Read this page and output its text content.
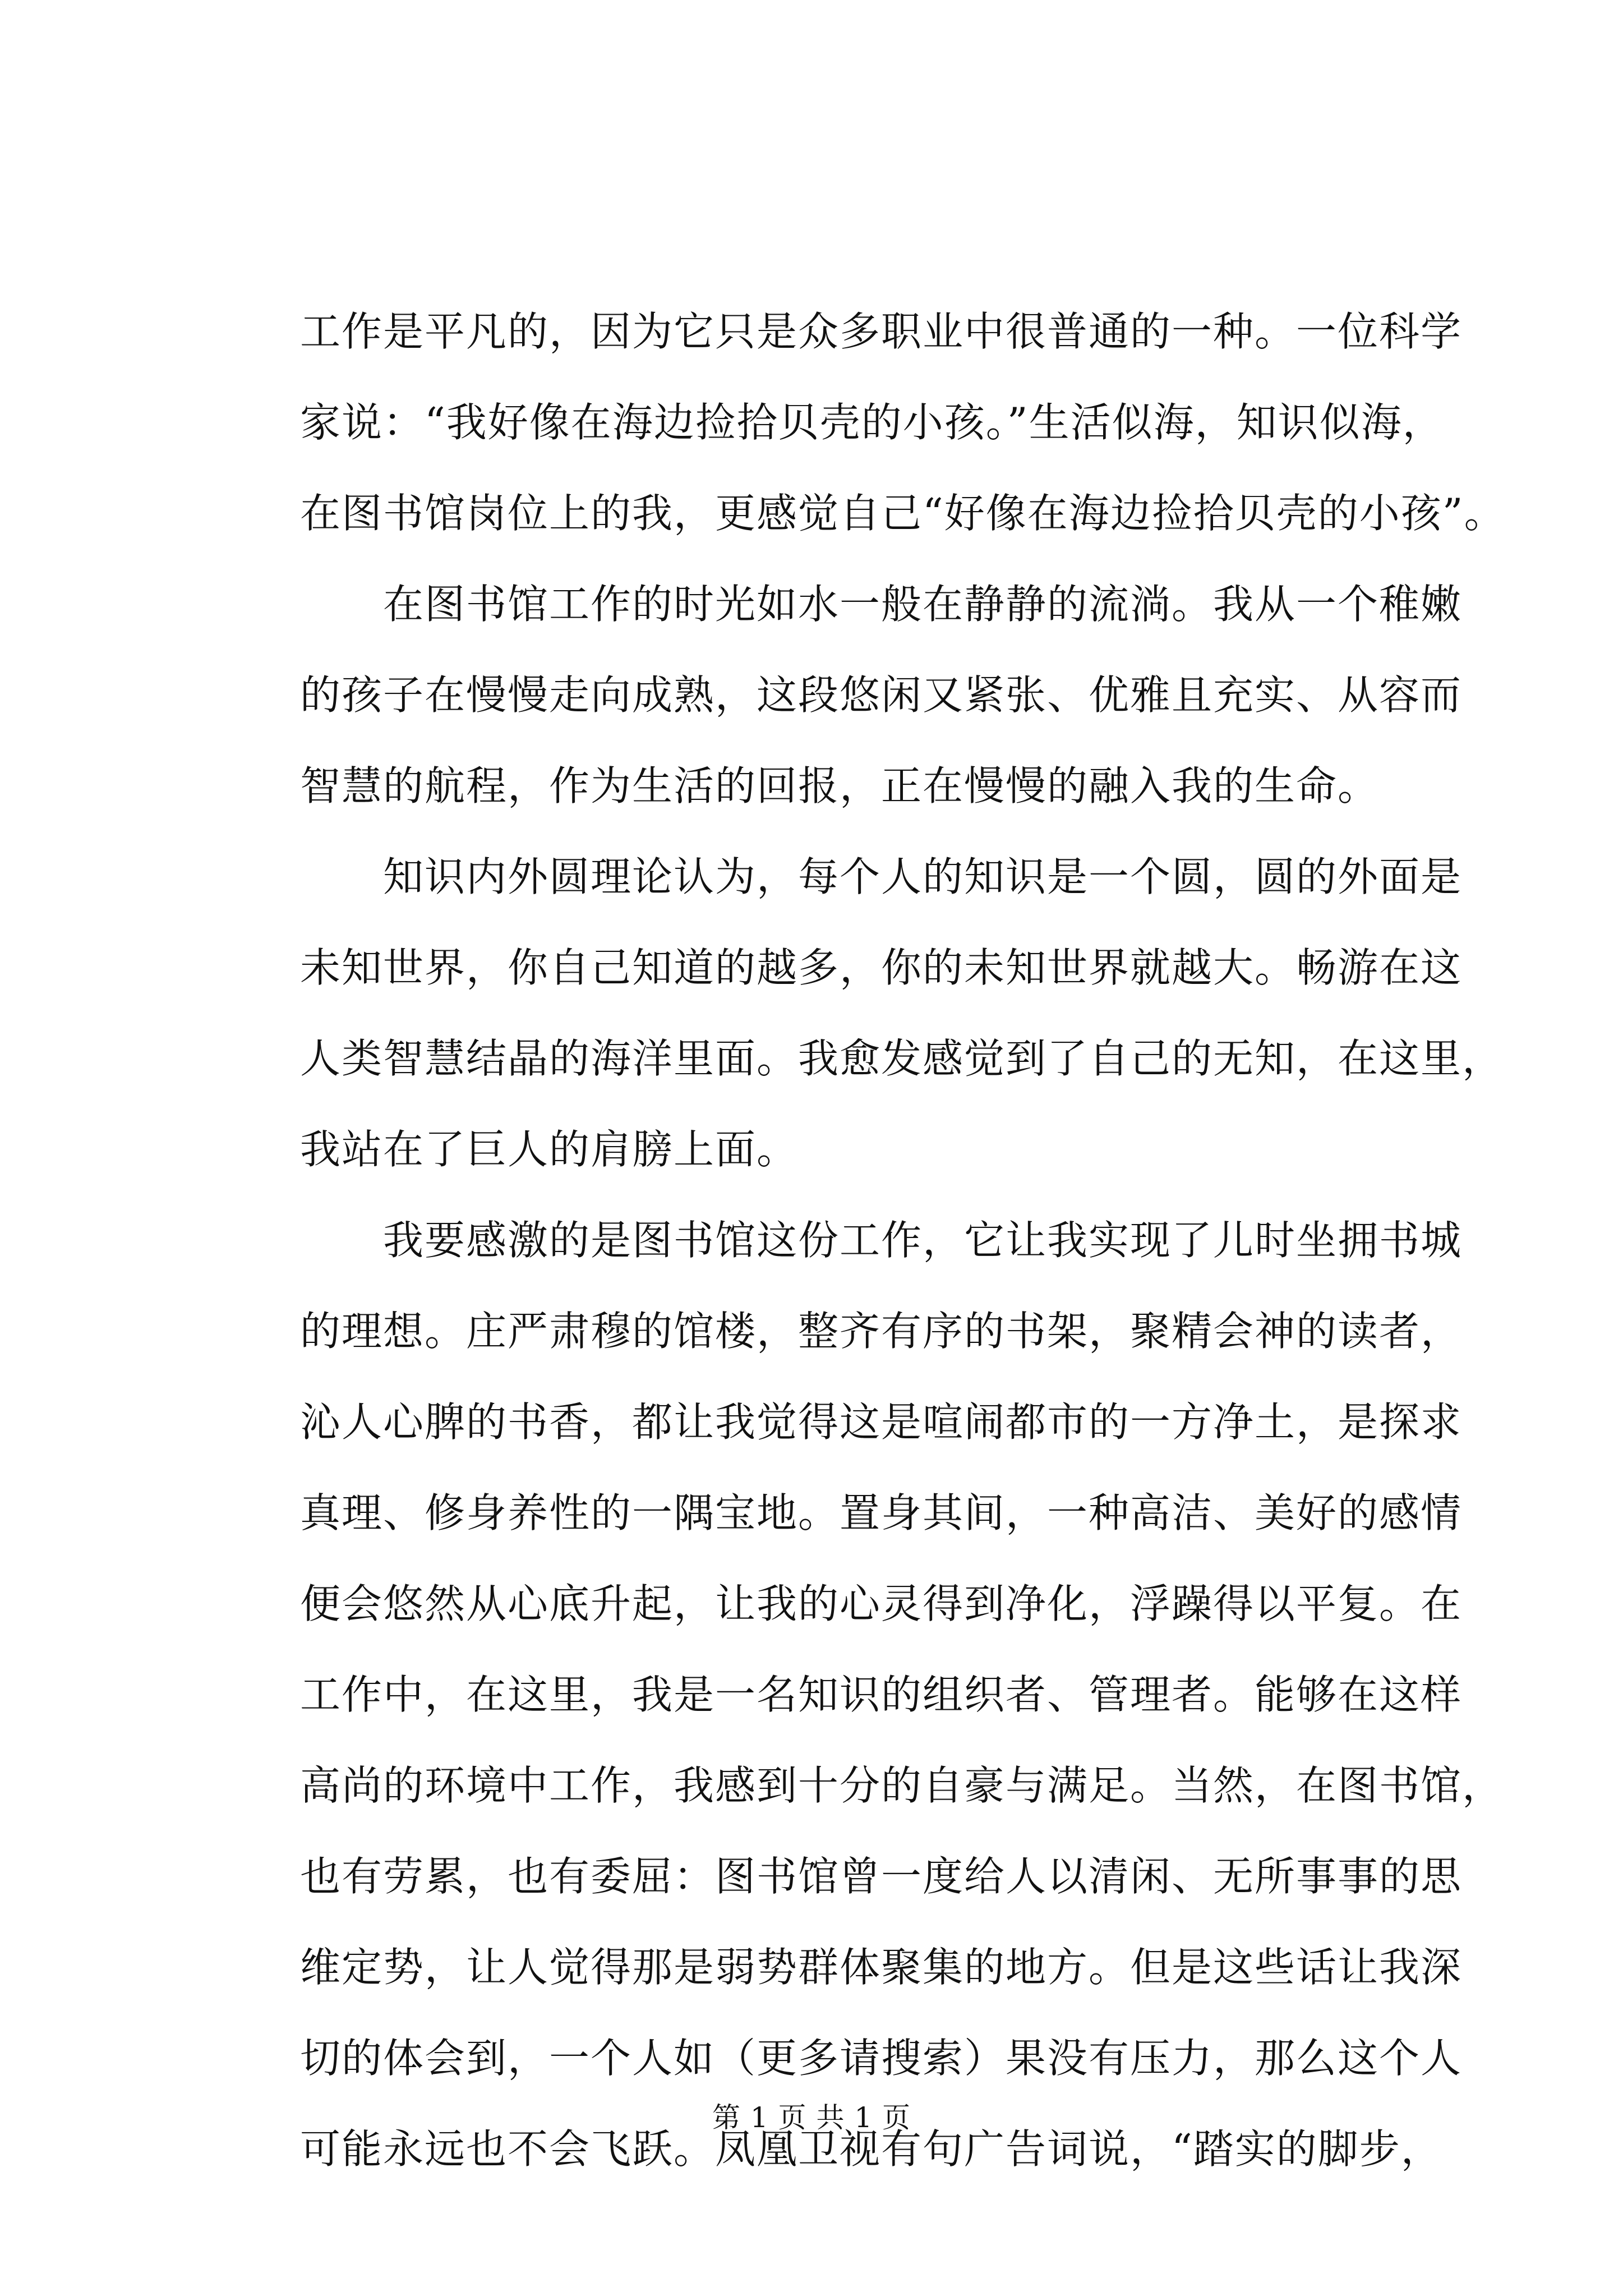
工作是平凡的，因为它只是众多职业中很普通的一种。一位科学
家说：“我好像在海边捡拾贝壳的小孩。”生活似海，知识似海，
在图书馆岗位上的我，更感觉自己“好像在海边捡拾贝壳的小孩”。
　　在图书馆工作的时光如水一般在静静的流淌。我从一个稚嫩
的孩子在慢慢走向成熟，这段悠闲又紧张、优雅且充实、从容而
智慧的航程，作为生活的回报，正在慢慢的融入我的生命。
　　知识内外圆理论认为，每个人的知识是一个圆，圆的外面是
未知世界，你自己知道的越多，你的未知世界就越大。畅游在这
人类智慧结晶的海洋里面。我愈发感觉到了自己的无知，在这里，
我站在了巨人的肩膀上面。
　　我要感激的是图书馆这份工作，它让我实现了儿时坐拥书城
的理想。庄严肃穆的馆楼，整齐有序的书架，聚精会神的读者，
沁人心脾的书香，都让我觉得这是喧闹都市的一方净土，是探求
真理、修身养性的一隅宝地。置身其间，一种高洁、美好的感情
便会悠然从心底升起，让我的心灵得到净化，浮躁得以平复。在
工作中，在这里，我是一名知识的组织者、管理者。能够在这样
高尚的环境中工作，我感到十分的自豪与满足。当然，在图书馆，
也有劳累，也有委屈：图书馆曾一度给人以清闲、无所事事的思
维定势，让人觉得那是弱势群体聚集的地方。但是这些话让我深
切的体会到，一个人如（更多请搜索）果没有压力，那么这个人
可能永远也不会飞跃。凤凰卫视有句广告词说，“踏实的脚步，
第 1 页 共 1 页
